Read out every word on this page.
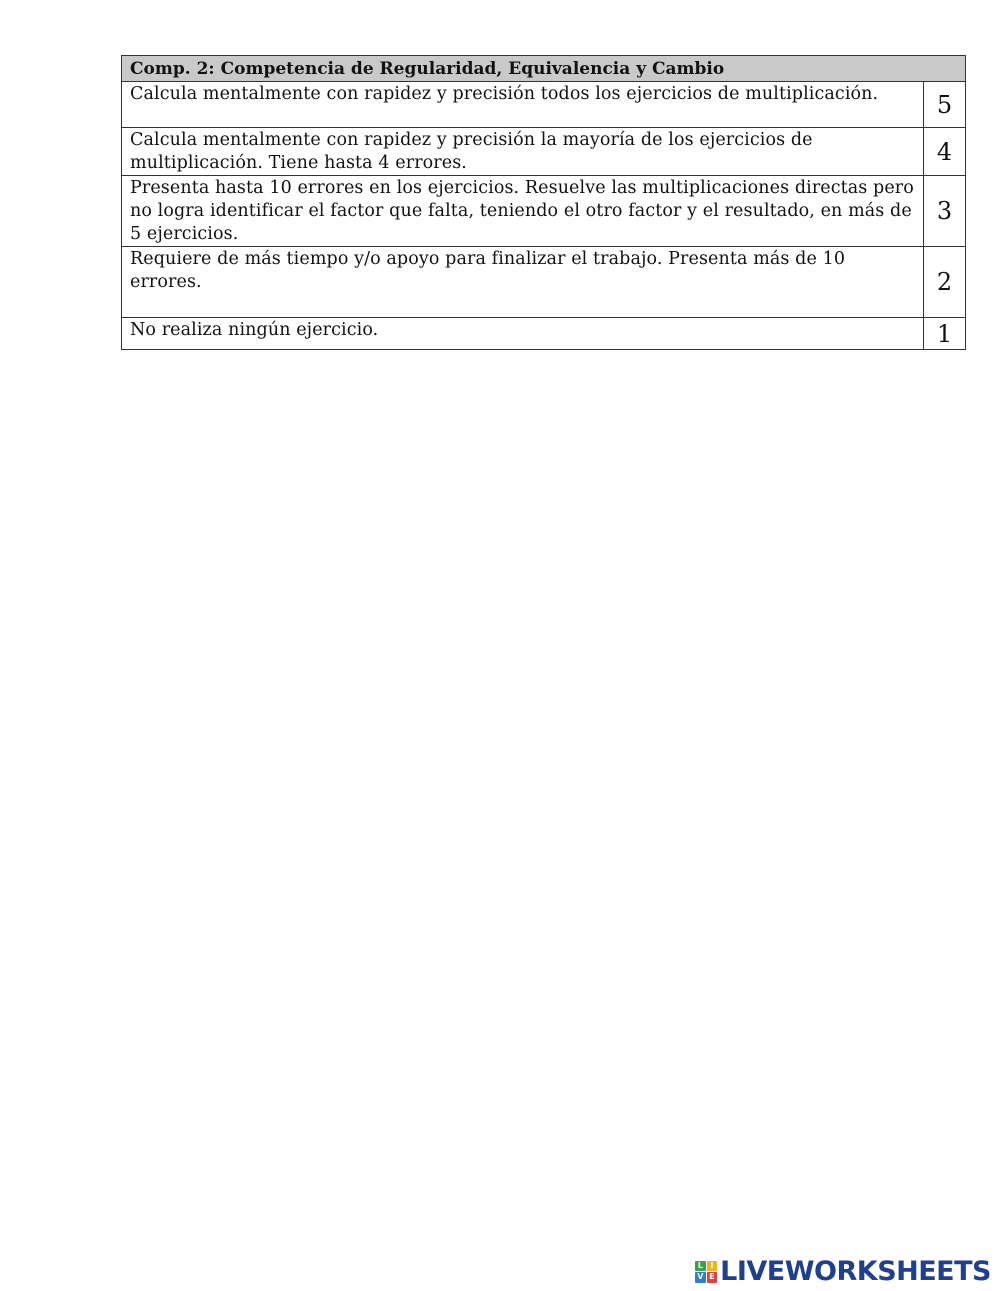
Comp. 2: Competencia de Regularidad, Equivalencia y Cambio	
Calcula mentalmente con rapidez y precisión todos los ejercicios de multiplicación.	5
Calcula mentalmente con rapidez y precisión la mayoría de los ejercicios de multiplicación. Tiene hasta 4 errores.	4
Presenta hasta 10 errores en los ejercicios. Resuelve las multiplicaciones directas pero no logra identificar el factor que falta, teniendo el otro factor y el resultado, en más de 5 ejercicios.	3
Requiere de más tiempo y/o apoyo para finalizar el trabajo. Presenta más de 10 errores.	2
No realiza ningún ejercicio.	1
L I
V E LIVEWORKSHEETS
